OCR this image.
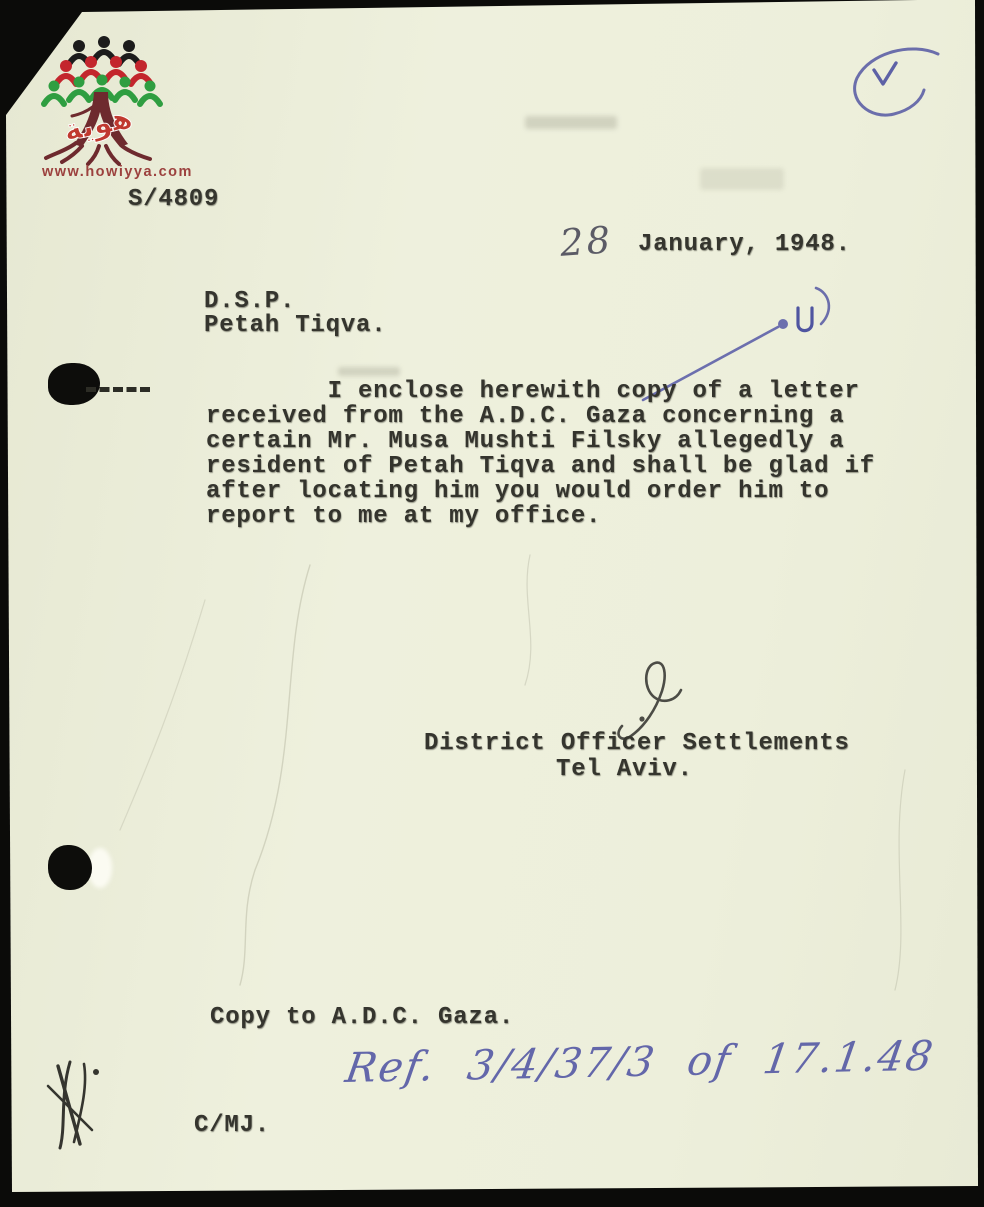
هوية
www.howiyya.com
S/4809
28 January, 1948.
D.S.P.
Petah Tiqva.
I enclose herewith copy of a letter
received from the A.D.C. Gaza concerning a
certain Mr. Musa Mushti Filsky allegedly a
resident of Petah Tiqva and shall be glad if
after locating him you would order him to
report to me at my office.
District Officer Settlements
Tel Aviv.
Copy to A.D.C. Gaza.
Ref. 3/4/37/3 of 17.1.48
C/MJ.
